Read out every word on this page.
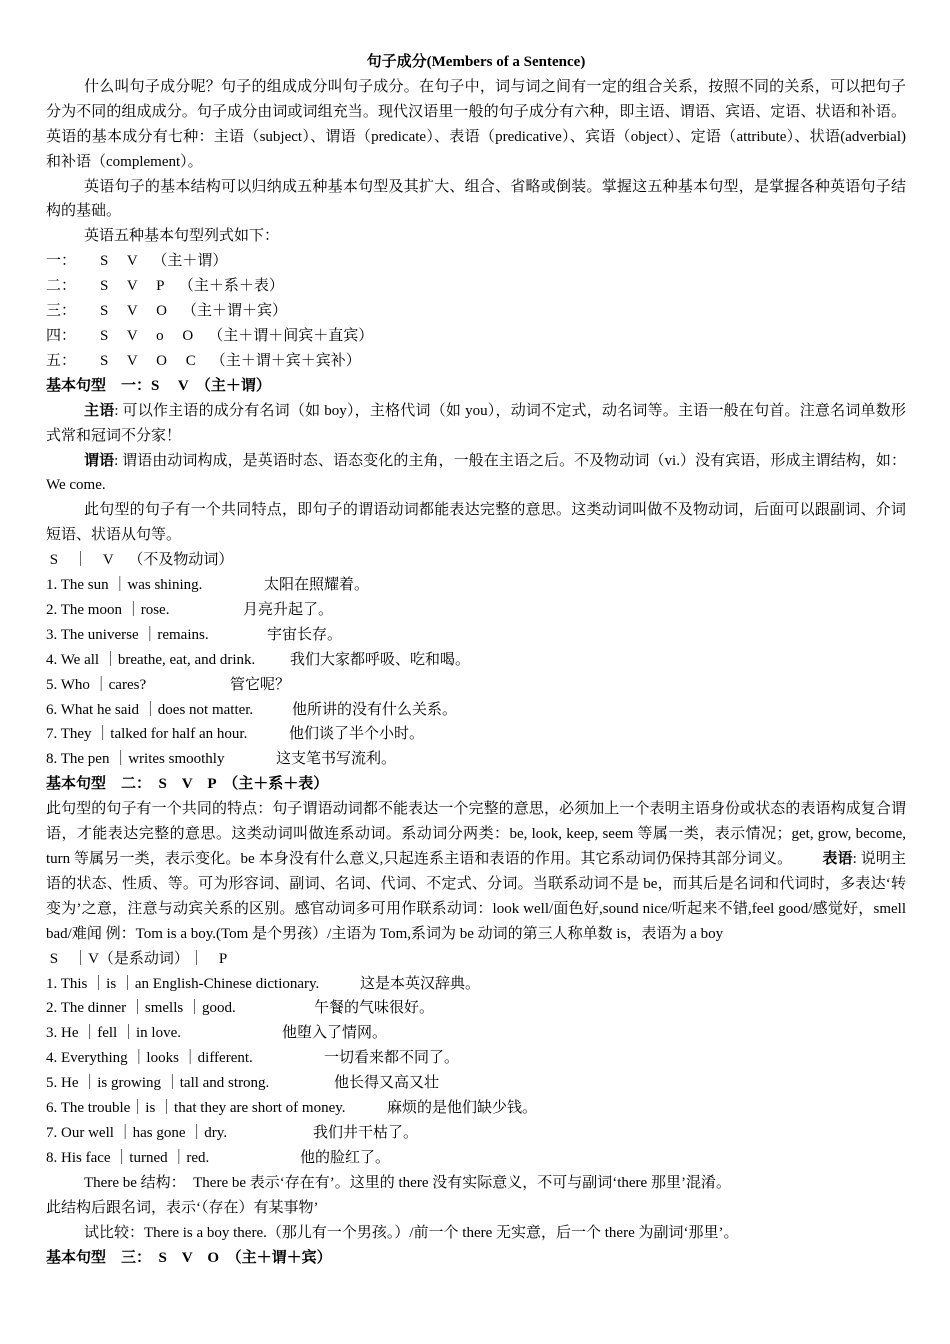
句子成分(Members of a Sentence)
什么叫句子成分呢？句子的组成成分叫句子成分。在句子中，词与词之间有一定的组合关系，按照不同的关系，可以把句子分为不同的组成成分。句子成分由词或词组充当。现代汉语里一般的句子成分有六种，即主语、谓语、宾语、定语、状语和补语。英语的基本成分有七种：主语（subject）、谓语（predicate）、表语（predicative）、宾语（object）、定语（attribute）、状语(adverbial) 和补语（complement）。
英语句子的基本结构可以归纳成五种基本句型及其扩大、组合、省略或倒装。掌握这五种基本句型，是掌握各种英语句子结构的基础。
英语五种基本句型列式如下：
一： S     V （主＋谓）
二： S     V     P （主＋系＋表）
三： S     V     O （主＋谓＋宾）
四： S     V     o     O （主＋谓＋间宾＋直宾）
五： S     V     O     C （主＋谓＋宾＋宾补）
基本句型　一：S　 V　（主＋谓）
主语: 可以作主语的成分有名词（如 boy），主格代词（如 you），动词不定式，动名词等。主语一般在句首。注意名词单数形式常和冠词不分家！
谓语: 谓语由动词构成，是英语时态、语态变化的主角，一般在主语之后。不及物动词（vi.）没有宾语，形成主谓结构，如：We come.
此句型的句子有一个共同特点，即句子的谓语动词都能表达完整的意思。这类动词叫做不及物动词，后面可以跟副词、介词短语、状语从句等。
S    ｜    V    （不及物动词）
1. The sun ｜was shining.	太阳在照耀着。
2. The moon ｜rose.	月亮升起了。
3. The universe ｜remains.	宇宙长存。
4. We all ｜breathe, eat, and drink. 我们大家都呼吸、吃和喝。
5. Who ｜cares?	管它呢？
6. What he said ｜does not matter.	他所讲的没有什么关系。
7. They ｜talked for half an hour.	他们谈了半个小时。
8. The pen ｜writes smoothly	这支笔书写流利。
基本句型　二：　S　V　P　（主＋系＋表）
此句型的句子有一个共同的特点：句子谓语动词都不能表达一个完整的意思，必须加上一个表明主语身份或状态的表语构成复合谓语，才能表达完整的意思。这类动词叫做连系动词。系动词分两类：be, look, keep, seem 等属一类，表示情况；get, grow, become, turn 等属另一类，表示变化。be 本身没有什么意义,只起连系主语和表语的作用。其它系动词仍保持其部分词义。 表语: 说明主语的状态、性质、等。可为形容词、副词、名词、代词、不定式、分词。当联系动词不是 be，而其后是名词和代词时，多表达‘转变为’之意，注意与动宾关系的区别。感官动词多可用作联系动词：look well/面色好,sound nice/听起来不错,feel good/感觉好，smell bad/难闻 例：Tom is a boy.(Tom 是个男孩）/主语为 Tom,系词为 be 动词的第三人称单数 is，表语为 a boy
S    ｜V（是系动词）｜    P
1. This ｜is ｜an English-Chinese dictionary.	这是本英汉辞典。
2. The dinner ｜smells ｜good.	午餐的气味很好。
3. He ｜fell ｜in love.	他堕入了情网。
4. Everything ｜looks ｜different.	一切看来都不同了。
5. He ｜is growing ｜tall and strong.	他长得又高又壮
6. The trouble｜is ｜that they are short of money.	麻烦的是他们缺少钱。
7. Our well ｜has gone ｜dry.	我们井干枯了。
8. His face ｜turned ｜red.	他的脸红了。
There be 结构：　There be 表示‘存在有’。这里的 there 没有实际意义，不可与副词‘there 那里’混淆。
此结构后跟名词，表示‘（存在）有某事物’
试比较：There is a boy there.（那儿有一个男孩。）/前一个 there 无实意，后一个 there 为副词‘那里’。
基本句型　三：　S　V　O　（主＋谓＋宾）
